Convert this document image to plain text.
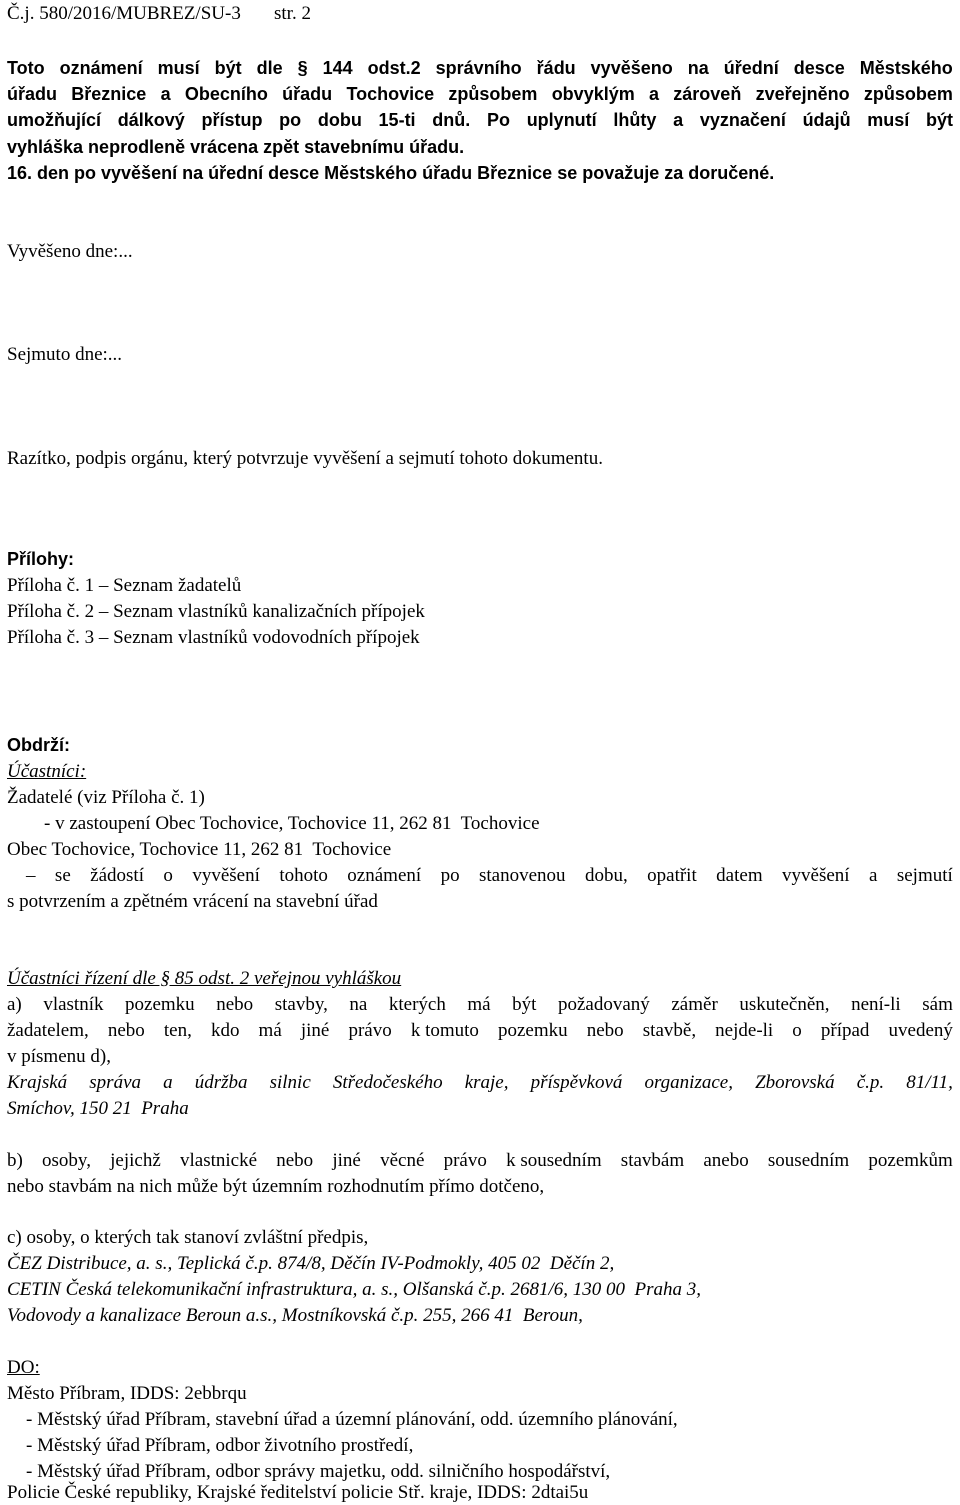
Č.j. 580/2016/MUBREZ/SU-3 str. 2
Toto oznámení musí být dle § 144 odst.2 správního řádu vyvěšeno na úřední desce Městského
úřadu Březnice a Obecního úřadu Tochovice způsobem obvyklým a zároveň zveřejněno způsobem
umožňující dálkový přístup po dobu 15-ti dnů. Po uplynutí lhůty a vyznačení údajů musí být
vyhláška neprodleně vrácena zpět stavebnímu úřadu.
16. den po vyvěšení na úřední desce Městského úřadu Březnice se považuje za doručené.
Vyvěšeno dne:...
Sejmuto dne:...
Razítko, podpis orgánu, který potvrzuje vyvěšení a sejmutí tohoto dokumentu.
Přílohy:
Příloha č. 1 – Seznam žadatelů
Příloha č. 2 – Seznam vlastníků kanalizačních přípojek
Příloha č. 3 – Seznam vlastníků vodovodních přípojek
Obdrží:
Účastníci:
Žadatelé (viz Příloha č. 1)
- v zastoupení Obec Tochovice, Tochovice 11, 262 81  Tochovice
Obec Tochovice, Tochovice 11, 262 81  Tochovice
– se žádostí o vyvěšení tohoto oznámení po stanovenou dobu, opatřit datem vyvěšení a sejmutí
s potvrzením a zpětném vrácení na stavební úřad
Účastníci řízení dle § 85 odst. 2 veřejnou vyhláškou
a) vlastník pozemku nebo stavby, na kterých má být požadovaný záměr uskutečněn, není-li sám
žadatelem, nebo ten, kdo má jiné právo k tomuto pozemku nebo stavbě, nejde-li o případ uvedený
v písmenu d),
Krajská správa a údržba silnic Středočeského kraje, příspěvková organizace, Zborovská č.p. 81/11,
Smíchov, 150 21  Praha
b) osoby, jejichž vlastnické nebo jiné věcné právo k sousedním stavbám anebo sousedním pozemkům
nebo stavbám na nich může být územním rozhodnutím přímo dotčeno,
c) osoby, o kterých tak stanoví zvláštní předpis,
ČEZ Distribuce, a. s., Teplická č.p. 874/8, Děčín IV-Podmokly, 405 02  Děčín 2,
CETIN Česká telekomunikační infrastruktura, a. s., Olšanská č.p. 2681/6, 130 00  Praha 3,
Vodovody a kanalizace Beroun a.s., Mostníkovská č.p. 255, 266 41  Beroun,
DO:
Město Příbram, IDDS: 2ebbrqu
- Městský úřad Příbram, stavební úřad a územní plánování, odd. územního plánování,
- Městský úřad Příbram, odbor životního prostředí,
- Městský úřad Příbram, odbor správy majetku, odd. silničního hospodářství,
Policie České republiky, Krajské ředitelství policie Stř. kraje, IDDS: 2dtai5u
